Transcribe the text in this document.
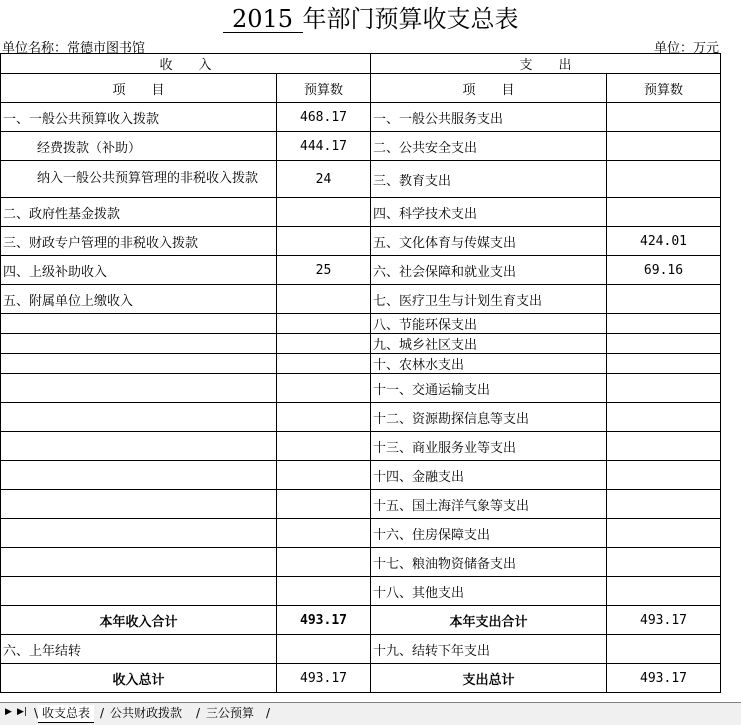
2015 年部门预算收支总表
单位名称：常德市图书馆	单位：万元
收　　入		支　　出	
项　　目	预算数	项　　目	预算数
一、一般公共预算收入拨款	468.17	一、一般公共服务支出	
经费拨款（补助）	444.17	二、公共安全支出	
纳入一般公共预算管理的非税收入拨款	24	三、教育支出	
二、政府性基金拨款		四、科学技术支出	
三、财政专户管理的非税收入拨款		五、文化体育与传媒支出	424.01
四、上级补助收入	25	六、社会保障和就业支出	69.16
五、附属单位上缴收入		七、医疗卫生与计划生育支出	
		八、节能环保支出	
		九、城乡社区支出	
		十、农林水支出	
		十一、交通运输支出	
		十二、资源勘探信息等支出	
		十三、商业服务业等支出	
		十四、金融支出	
		十五、国土海洋气象等支出	
		十六、住房保障支出	
		十七、粮油物资储备支出	
		十八、其他支出	
本年收入合计	493.17	本年支出合计	493.17
六、上年结转		十九、结转下年支出	
收入总计	493.17	支出总计	493.17
▶ ▶| \ 收支总表 / 公共财政拨款	/ 三公预算 /
